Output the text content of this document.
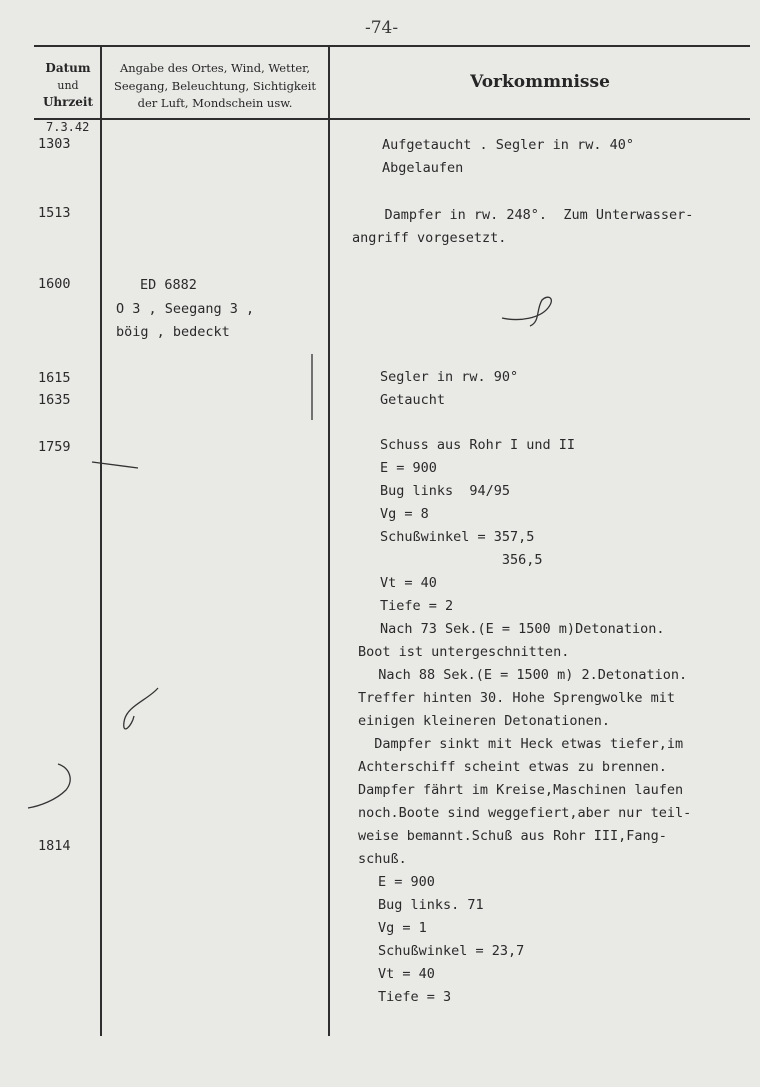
-74-
Datum
und
Uhrzeit
Angabe des Ortes, Wind, Wetter,
Seegang, Beleuchtung, Sichtigkeit
der Luft, Mondschein usw.
Vorkommnisse
7.3.42
1303
1513
1600
1615
1635
1759
1814
ED 6882
O 3 , Seegang 3 ,
böig , bedeckt
Aufgetaucht . Segler in rw. 40°
Abgelaufen
Dampfer in rw. 248°.  Zum Unterwasser-
angriff vorgesetzt.
Segler in rw. 90°
Getaucht
Schuss aus Rohr I und II
E = 900
Bug links  94/95
Vg = 8
Schußwinkel = 357,5
356,5
Vt = 40
Tiefe = 2
Nach 73 Sek.(E = 1500 m)Detonation.
Boot ist untergeschnitten.
Nach 88 Sek.(E = 1500 m) 2.Detonation.
Treffer hinten 30. Hohe Sprengwolke mit
einigen kleineren Detonationen.
Dampfer sinkt mit Heck etwas tiefer,im
Achterschiff scheint etwas zu brennen.
Dampfer fährt im Kreise,Maschinen laufen
noch.Boote sind weggefiert,aber nur teil-
weise bemannt.Schuß aus Rohr III,Fang-
schuß.
E = 900
Bug links. 71
Vg = 1
Schußwinkel = 23,7
Vt = 40
Tiefe = 3
